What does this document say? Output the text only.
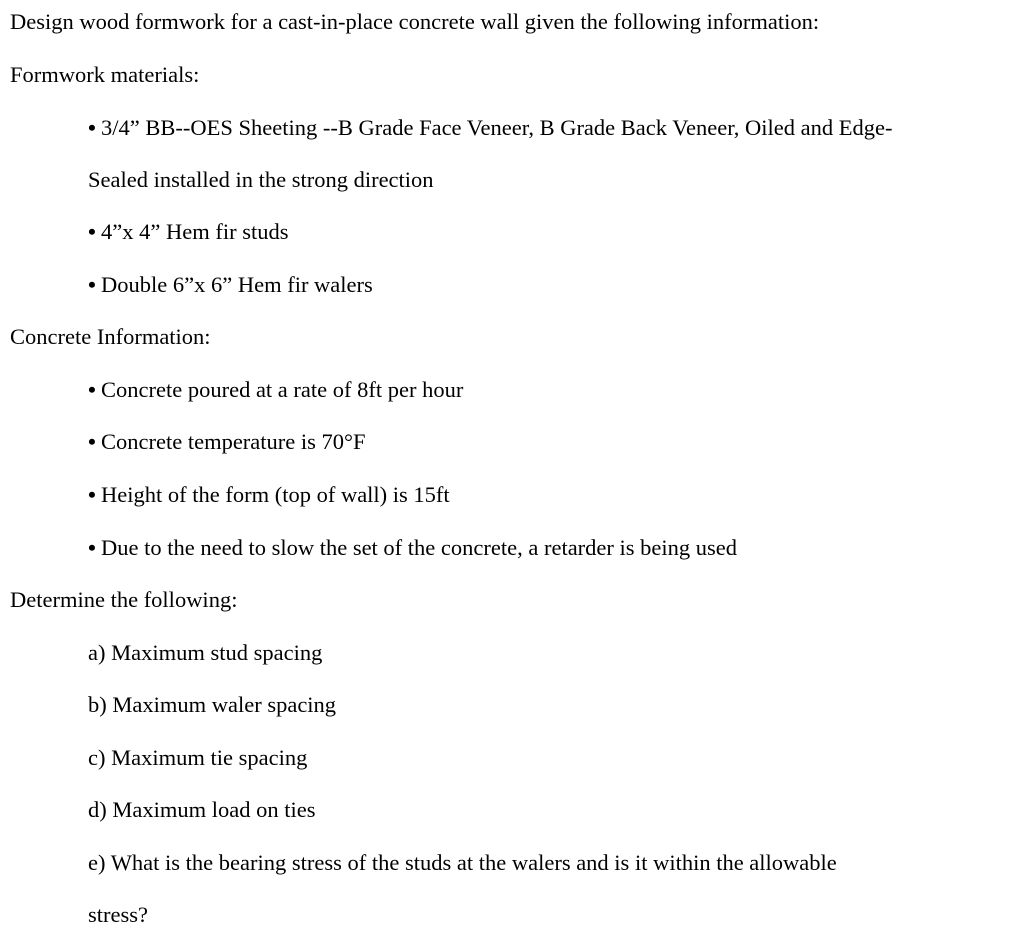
Design wood formwork for a cast-in-place concrete wall given the following information:
Formwork materials:
• 3/4” BB--OES Sheeting --B Grade Face Veneer, B Grade Back Veneer, Oiled and Edge-
Sealed installed in the strong direction
• 4”x 4” Hem fir studs
• Double 6”x 6” Hem fir walers
Concrete Information:
• Concrete poured at a rate of 8ft per hour
• Concrete temperature is 70°F
• Height of the form (top of wall) is 15ft
• Due to the need to slow the set of the concrete, a retarder is being used
Determine the following:
a) Maximum stud spacing
b) Maximum waler spacing
c) Maximum tie spacing
d) Maximum load on ties
e) What is the bearing stress of the studs at the walers and is it within the allowable
stress?
